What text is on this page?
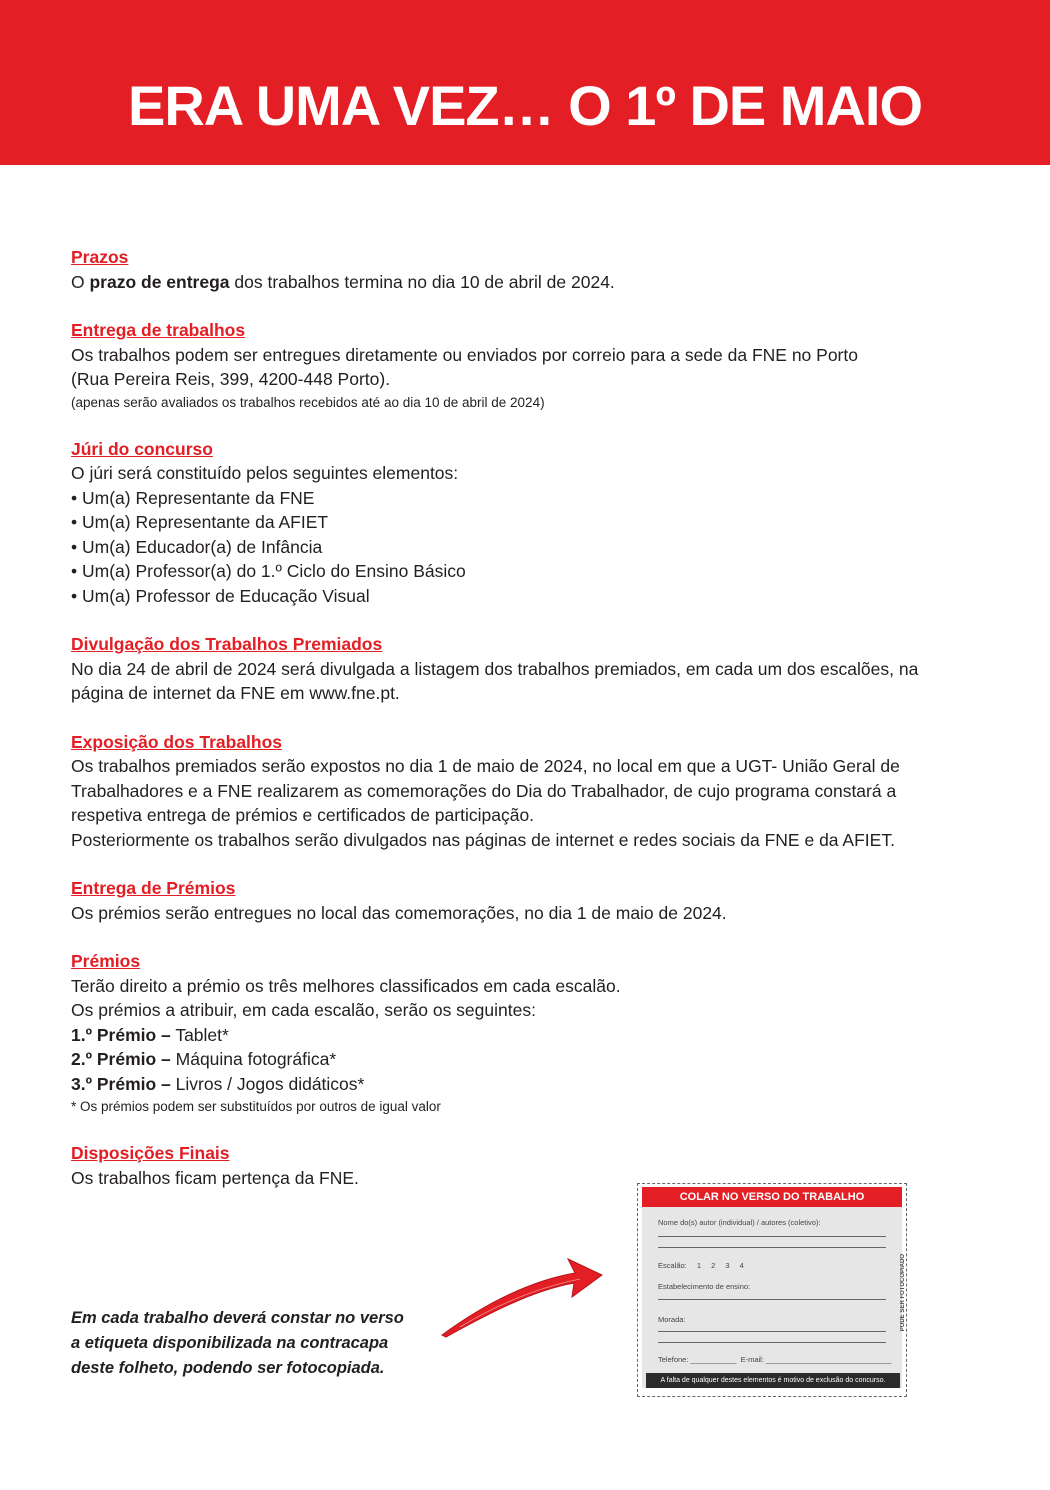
ERA UMA VEZ… O 1º DE MAIO
Prazos

O prazo de entrega dos trabalhos termina no dia 10 de abril de 2024.

Entrega de trabalhos

Os trabalhos podem ser entregues diretamente ou enviados por correio para a sede da FNE no Porto

(Rua Pereira Reis, 399, 4200-448 Porto).

(apenas serão avaliados os trabalhos recebidos até ao dia 10 de abril de 2024)

Júri do concurso

O júri será constituído pelos seguintes elementos:

• Um(a) Representante da FNE
• Um(a) Representante da AFIET
• Um(a) Educador(a) de Infância
• Um(a) Professor(a) do 1.º Ciclo do Ensino Básico
• Um(a) Professor de Educação Visual
Divulgação dos Trabalhos Premiados

No dia 24 de abril de 2024 será divulgada a listagem dos trabalhos premiados, em cada um dos escalões, na página de internet da FNE em www.fne.pt.

Exposição dos Trabalhos

Os trabalhos premiados serão expostos no dia 1 de maio de 2024, no local em que a UGT- União Geral de Trabalhadores e a FNE realizarem as comemorações do Dia do Trabalhador, de cujo programa constará a respetiva entrega de prémios e certificados de participação.

Posteriormente os trabalhos serão divulgados nas páginas de internet e redes sociais da FNE e da AFIET.

Entrega de Prémios

Os prémios serão entregues no local das comemorações, no dia 1 de maio de 2024.

Prémios

Terão direito a prémio os três melhores classificados em cada escalão.

Os prémios a atribuir, em cada escalão, serão os seguintes:

1.º Prémio – Tablet*

2.º Prémio – Máquina fotográfica*

3.º Prémio – Livros / Jogos didáticos*

* Os prémios podem ser substituídos por outros de igual valor

Disposições Finais

Os trabalhos ficam pertença da FNE.

Em cada trabalho deverá constar no verso

a etiqueta disponibilizada na contracapa

deste folheto, podendo ser fotocopiada.

COLAR NO VERSO DO TRABALHO
Nome do(s) autor (individual) / autores (coletivo):
Escalão: 1 2 3 4
Estabelecimento de ensino:
Morada:
Telefone: ___________ E-mail: ______________________________
A falta de qualquer destes elementos é motivo de exclusão do concurso.
PODE SER FOTOCOPIADO
